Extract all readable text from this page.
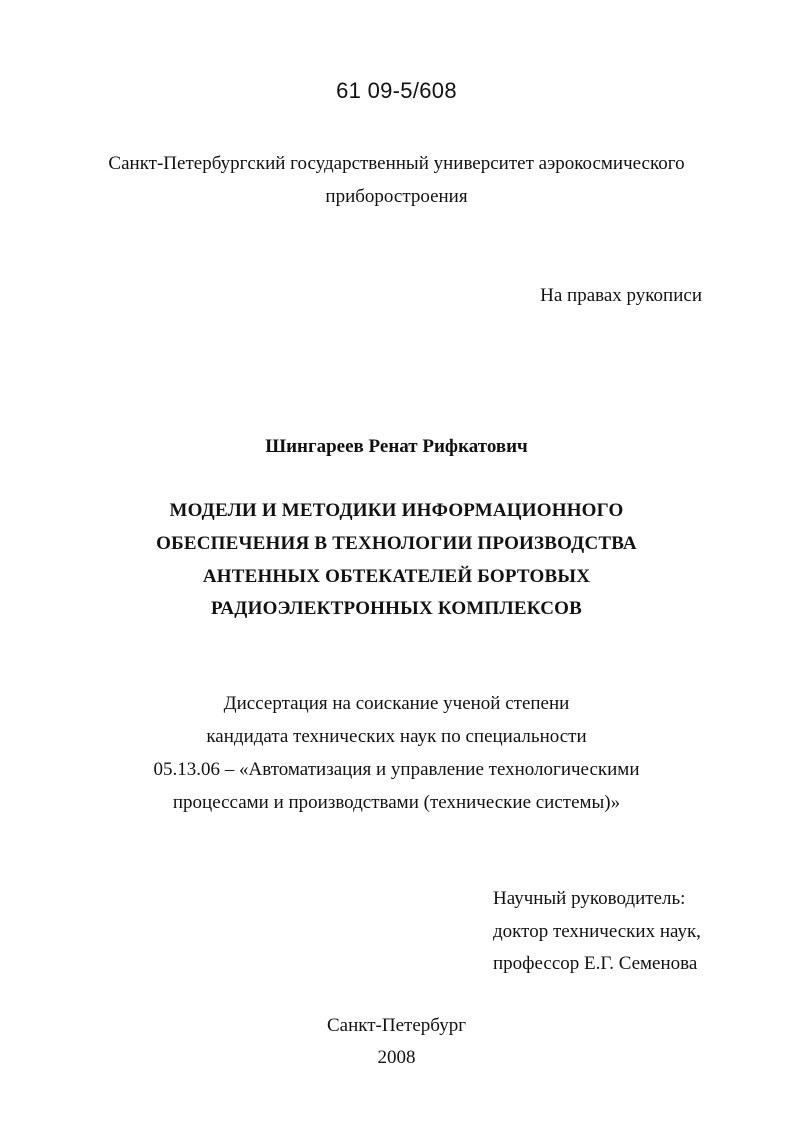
61 09-5/608

Санкт-Петербургский государственный университет аэрокосмического

приборостроения

На правах рукописи

Шингареев Ренат Рифкатович

МОДЕЛИ И МЕТОДИКИ ИНФОРМАЦИОННОГО

ОБЕСПЕЧЕНИЯ В ТЕХНОЛОГИИ ПРОИЗВОДСТВА

АНТЕННЫХ ОБТЕКАТЕЛЕЙ БОРТОВЫХ

РАДИОЭЛЕКТРОННЫХ КОМПЛЕКСОВ

Диссертация на соискание ученой степени

кандидата технических наук по специальности

05.13.06 – «Автоматизация и управление технологическими

процессами и производствами (технические системы)»

Научный руководитель:

доктор технических наук,

профессор Е.Г. Семенова

Санкт-Петербург

2008
